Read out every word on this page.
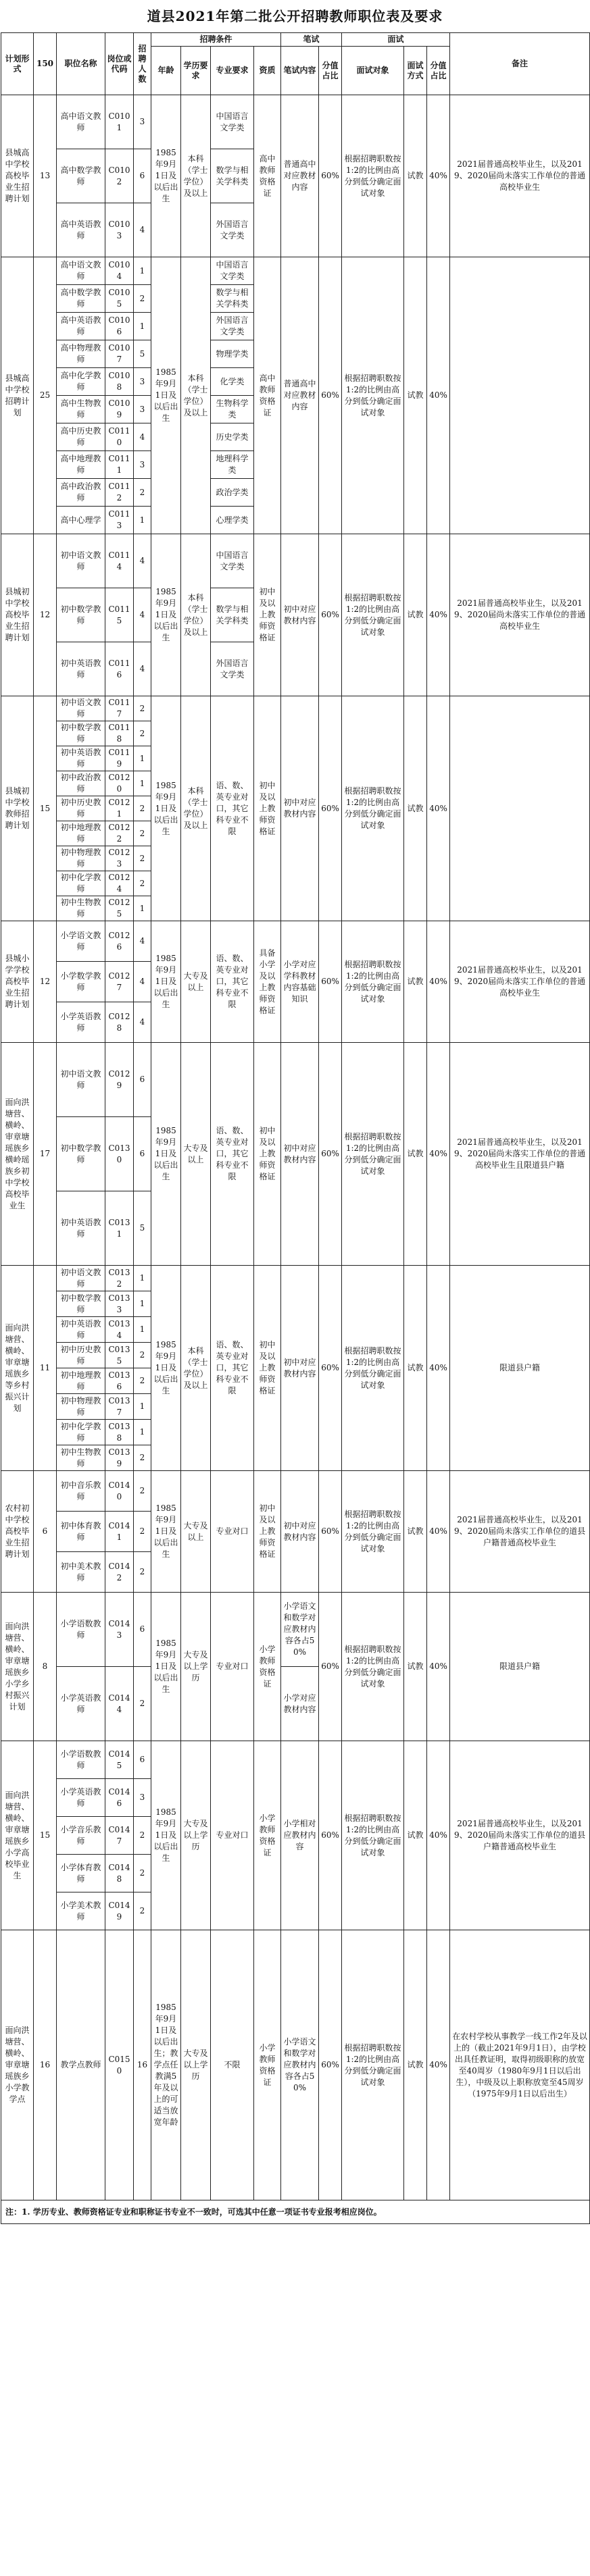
道县2021年第二批公开招聘教师职位表及要求
计划形式	150	职位名称	岗位或代码	招聘人数	招聘条件				笔试		面试			备注
					年龄	学历要求	专业要求	资质	笔试内容	分值占比	面试对象	面试方式	分值占比	
县城高中学校高校毕业生招聘计划	13	高中语文教师	C0101	3	1985年9月1日及以后出生	本科（学士学位）及以上	中国语言文学类	高中教师资格证	普通高中对应教材内容	60%	根据招聘职数按1:2的比例由高分到低分确定面试对象	试教	40%	2021届普通高校毕业生，以及2019、2020届尚未落实工作单位的普通高校毕业生
		高中数学教师	C0102	6			数学与相关学科类							
		高中英语教师	C0103	4			外国语言文学类							
县城高中学校招聘计划	25	高中语文教师	C0104	1	1985年9月1日及以后出生	本科（学士学位）及以上	中国语言文学类	高中教师资格证	普通高中对应教材内容	60%	根据招聘职数按1:2的比例由高分到低分确定面试对象	试教	40%	
		高中数学教师	C0105	2			数学与相关学科类							
		高中英语教师	C0106	1			外国语言文学类							
		高中物理教师	C0107	5			物理学类							
		高中化学教师	C0108	3			化学类							
		高中生物教师	C0109	3			生物科学类							
		高中历史教师	C0110	4			历史学类							
		高中地理教师	C0111	3			地理科学类							
		高中政治教师	C0112	2			政治学类							
		高中心理学	C0113	1			心理学类							
县城初中学校高校毕业生招聘计划	12	初中语文教师	C0114	4	1985年9月1日及以后出生	本科（学士学位）及以上	中国语言文学类	初中及以上教师资格证	初中对应教材内容	60%	根据招聘职数按1:2的比例由高分到低分确定面试对象	试教	40%	2021届普通高校毕业生，以及2019、2020届尚未落实工作单位的普通高校毕业生
		初中数学教师	C0115	4			数学与相关学科类							
		初中英语教师	C0116	4			外国语言文学类							
县城初中学校教师招聘计划	15	初中语文教师	C0117	2	1985年9月1日及以后出生	本科（学士学位）及以上	语、数、英专业对口，其它科专业不限	初中及以上教师资格证	初中对应教材内容	60%	根据招聘职数按1:2的比例由高分到低分确定面试对象	试教	40%	
		初中数学教师	C0118	2										
		初中英语教师	C0119	1										
		初中政治教师	C0120	1										
		初中历史教师	C0121	2										
		初中地理教师	C0122	2										
		初中物理教师	C0123	2										
		初中化学教师	C0124	2										
		初中生物教师	C0125	1										
县城小学学校高校毕业生招聘计划	12	小学语文教师	C0126	4	1985年9月1日及以后出生	大专及以上	语、数、英专业对口，其它科专业不限	具备小学及以上教师资格证	小学对应学科教材内容基础知识	60%	根据招聘职数按1:2的比例由高分到低分确定面试对象	试教	40%	2021届普通高校毕业生，以及2019、2020届尚未落实工作单位的普通高校毕业生
		小学数学教师	C0127	4										
		小学英语教师	C0128	4										
面向洪塘营、横岭、审章塘瑶族乡横岭瑶族乡初中学校高校毕业生	17	初中语文教师	C0129	6	1985年9月1日及以后出生	大专及以上	语、数、英专业对口，其它科专业不限	初中及以上教师资格证	初中对应教材内容	60%	根据招聘职数按1:2的比例由高分到低分确定面试对象	试教	40%	2021届普通高校毕业生，以及2019、2020届尚未落实工作单位的普通高校毕业生且限道县户籍
		初中数学教师	C0130	6										
		初中英语教师	C0131	5										
面向洪塘营、横岭、审章塘瑶族乡等乡村振兴计划	11	初中语文教师	C0132	1	1985年9月1日及以后出生	本科（学士学位）及以上	语、数、英专业对口，其它科专业不限	初中及以上教师资格证	初中对应教材内容	60%	根据招聘职数按1:2的比例由高分到低分确定面试对象	试教	40%	限道县户籍
		初中数学教师	C0133	1										
		初中英语教师	C0134	1										
		初中历史教师	C0135	2										
		初中地理教师	C0136	2										
		初中物理教师	C0137	1										
		初中化学教师	C0138	1										
		初中生物教师	C0139	2										
农村初中学校高校毕业生招聘计划	6	初中音乐教师	C0140	2	1985年9月1日及以后出生	大专及以上	专业对口	初中及以上教师资格证	初中对应教材内容	60%	根据招聘职数按1:2的比例由高分到低分确定面试对象	试教	40%	2021届普通高校毕业生，以及2019、2020届尚未落实工作单位的道县户籍普通高校毕业生
		初中体育教师	C0141	2										
		初中美术教师	C0142	2										
面向洪塘营、横岭、审章塘瑶族乡小学乡村振兴计划	8	小学语数教师	C0143	6	1985年9月1日及以后出生	大专及以上学历	专业对口	小学教师资格证	小学语文和数学对应教材内容各占50%	60%	根据招聘职数按1:2的比例由高分到低分确定面试对象	试教	40%	限道县户籍
		小学英语教师	C0144	2					小学对应教材内容					
面向洪塘营、横岭、审章塘瑶族乡小学高校毕业生	15	小学语数教师	C0145	6	1985年9月1日及以后出生	大专及以上学历	专业对口	小学教师资格证	小学相对应教材内容	60%	根据招聘职数按1:2的比例由高分到低分确定面试对象	试教	40%	2021届普通高校毕业生，以及2019、2020届尚未落实工作单位的道县户籍普通高校毕业生
		小学英语教师	C0146	3										
		小学音乐教师	C0147	2										
		小学体育教师	C0148	2										
		小学美术教师	C0149	2										
面向洪塘营、横岭、审章塘瑶族乡小学教学点	16	教学点教师	C0150	16	1985年9月1日及以后出生；教学点任教满5年及以上的可适当放宽年龄	大专及以上学历	不限	小学教师资格证	小学语文和数学对应教材内容各占50%	60%	根据招聘职数按1:2的比例由高分到低分确定面试对象	试教	40%	在农村学校从事教学一线工作2年及以上的（截止2021年9月1日），由学校出具任教证明，取得初级职称的放宽至40周岁（1980年9月1日以后出生），中级及以上职称放宽至45周岁（1975年9月1日以后出生）
注：1. 学历专业、教师资格证专业和职称证书专业不一致时，可选其中任意一项证书专业报考相应岗位。														
